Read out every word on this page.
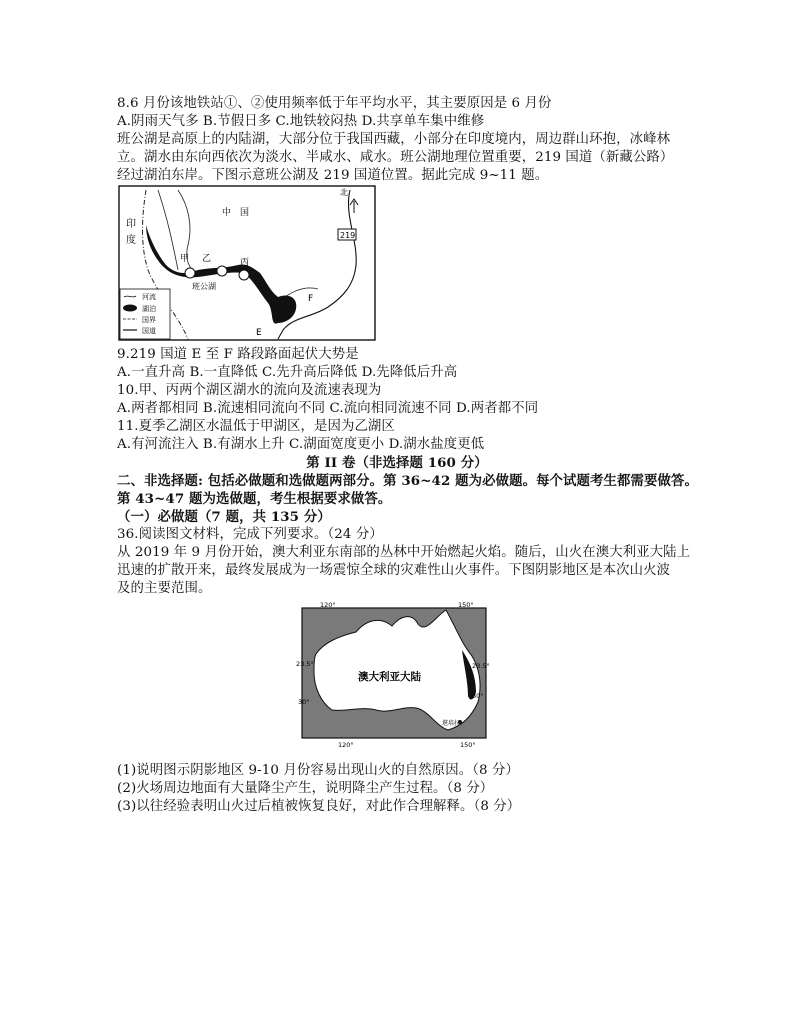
8.6 月份该地铁站①、②使用频率低于年平均水平，其主要原因是 6 月份
A.阴雨天气多 B.节假日多 C.地铁较闷热 D.共享单车集中维修
班公湖是高原上的内陆湖，大部分位于我国西藏，小部分在印度境内，周边群山环抱，冰峰林
立。湖水由东向西依次为淡水、半咸水、咸水。班公湖地理位置重要，219 国道（新藏公路）
经过湖泊东岸。下图示意班公湖及 219 国道位置。据此完成 9~11 题。
印
度
中　国
北
219
甲 乙	丙
班公湖
E
F
河流
湖泊
国界
国道
9.219 国道 E 至 F 路段路面起伏大势是
A.一直升高 B.一直降低 C.先升高后降低 D.先降低后升高
10.甲、丙两个湖区湖水的流向及流速表现为
A.两者都相同 B.流速相同流向不同 C.流向相同流速不同 D.两者都不同
11.夏季乙湖区水温低于甲湖区，是因为乙湖区
A.有河流注入 B.有湖水上升 C.湖面宽度更小 D.湖水盐度更低
第 II 卷（非选择题 160 分）
二、非选择题: 包括必做题和选做题两部分。第 36~42 题为必做题。每个试题考生都需要做答。
第 43~47 题为选做题，考生根据要求做答。
（一）必做题（7 题，共 135 分）
36.阅读图文材料，完成下列要求。（24 分）
从 2019 年 9 月份开始，澳大利亚东南部的丛林中开始燃起火焰。随后，山火在澳大利亚大陆上
迅速的扩散开来，最终发展成为一场震惊全球的灾难性山火事件。下图阴影地区是本次山火波
及的主要范围。
澳大利亚大陆
120°	150°
23.5°	23.5°
30°
30°
120°	150°
堪培拉
(1)说明图示阴影地区 9-10 月份容易出现山火的自然原因。（8 分）
(2)火场周边地面有大量降尘产生，说明降尘产生过程。（8 分）
(3)以往经验表明山火过后植被恢复良好，对此作合理解释。（8 分）
